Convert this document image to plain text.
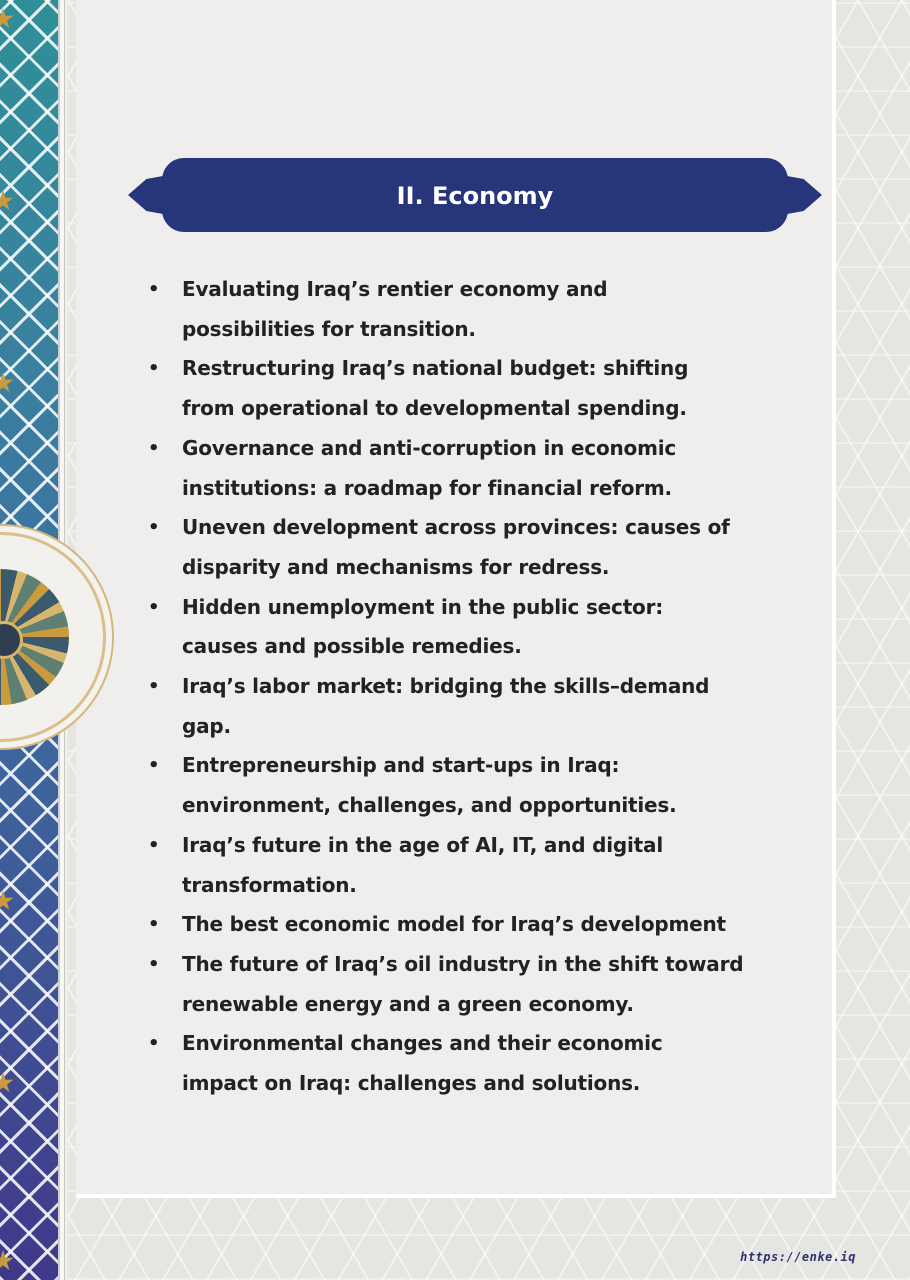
II. Economy
• Evaluating Iraq’s rentier economy and possibilities for transition.
• Restructuring Iraq’s national budget: shifting from operational to developmental spending.
• Governance and anti-corruption in economic institutions: a roadmap for financial reform.
• Uneven development across provinces: causes of disparity and mechanisms for redress.
• Hidden unemployment in the public sector: causes and possible remedies.
• Iraq’s labor market: bridging the skills–demand gap.
• Entrepreneurship and start-ups in Iraq: environment, challenges, and opportunities.
• Iraq’s future in the age of AI, IT, and digital transformation.
• The best economic model for Iraq’s development
• The future of Iraq’s oil industry in the shift toward renewable energy and a green economy.
• Environmental changes and their economic impact on Iraq: challenges and solutions.
https://enke.iq
